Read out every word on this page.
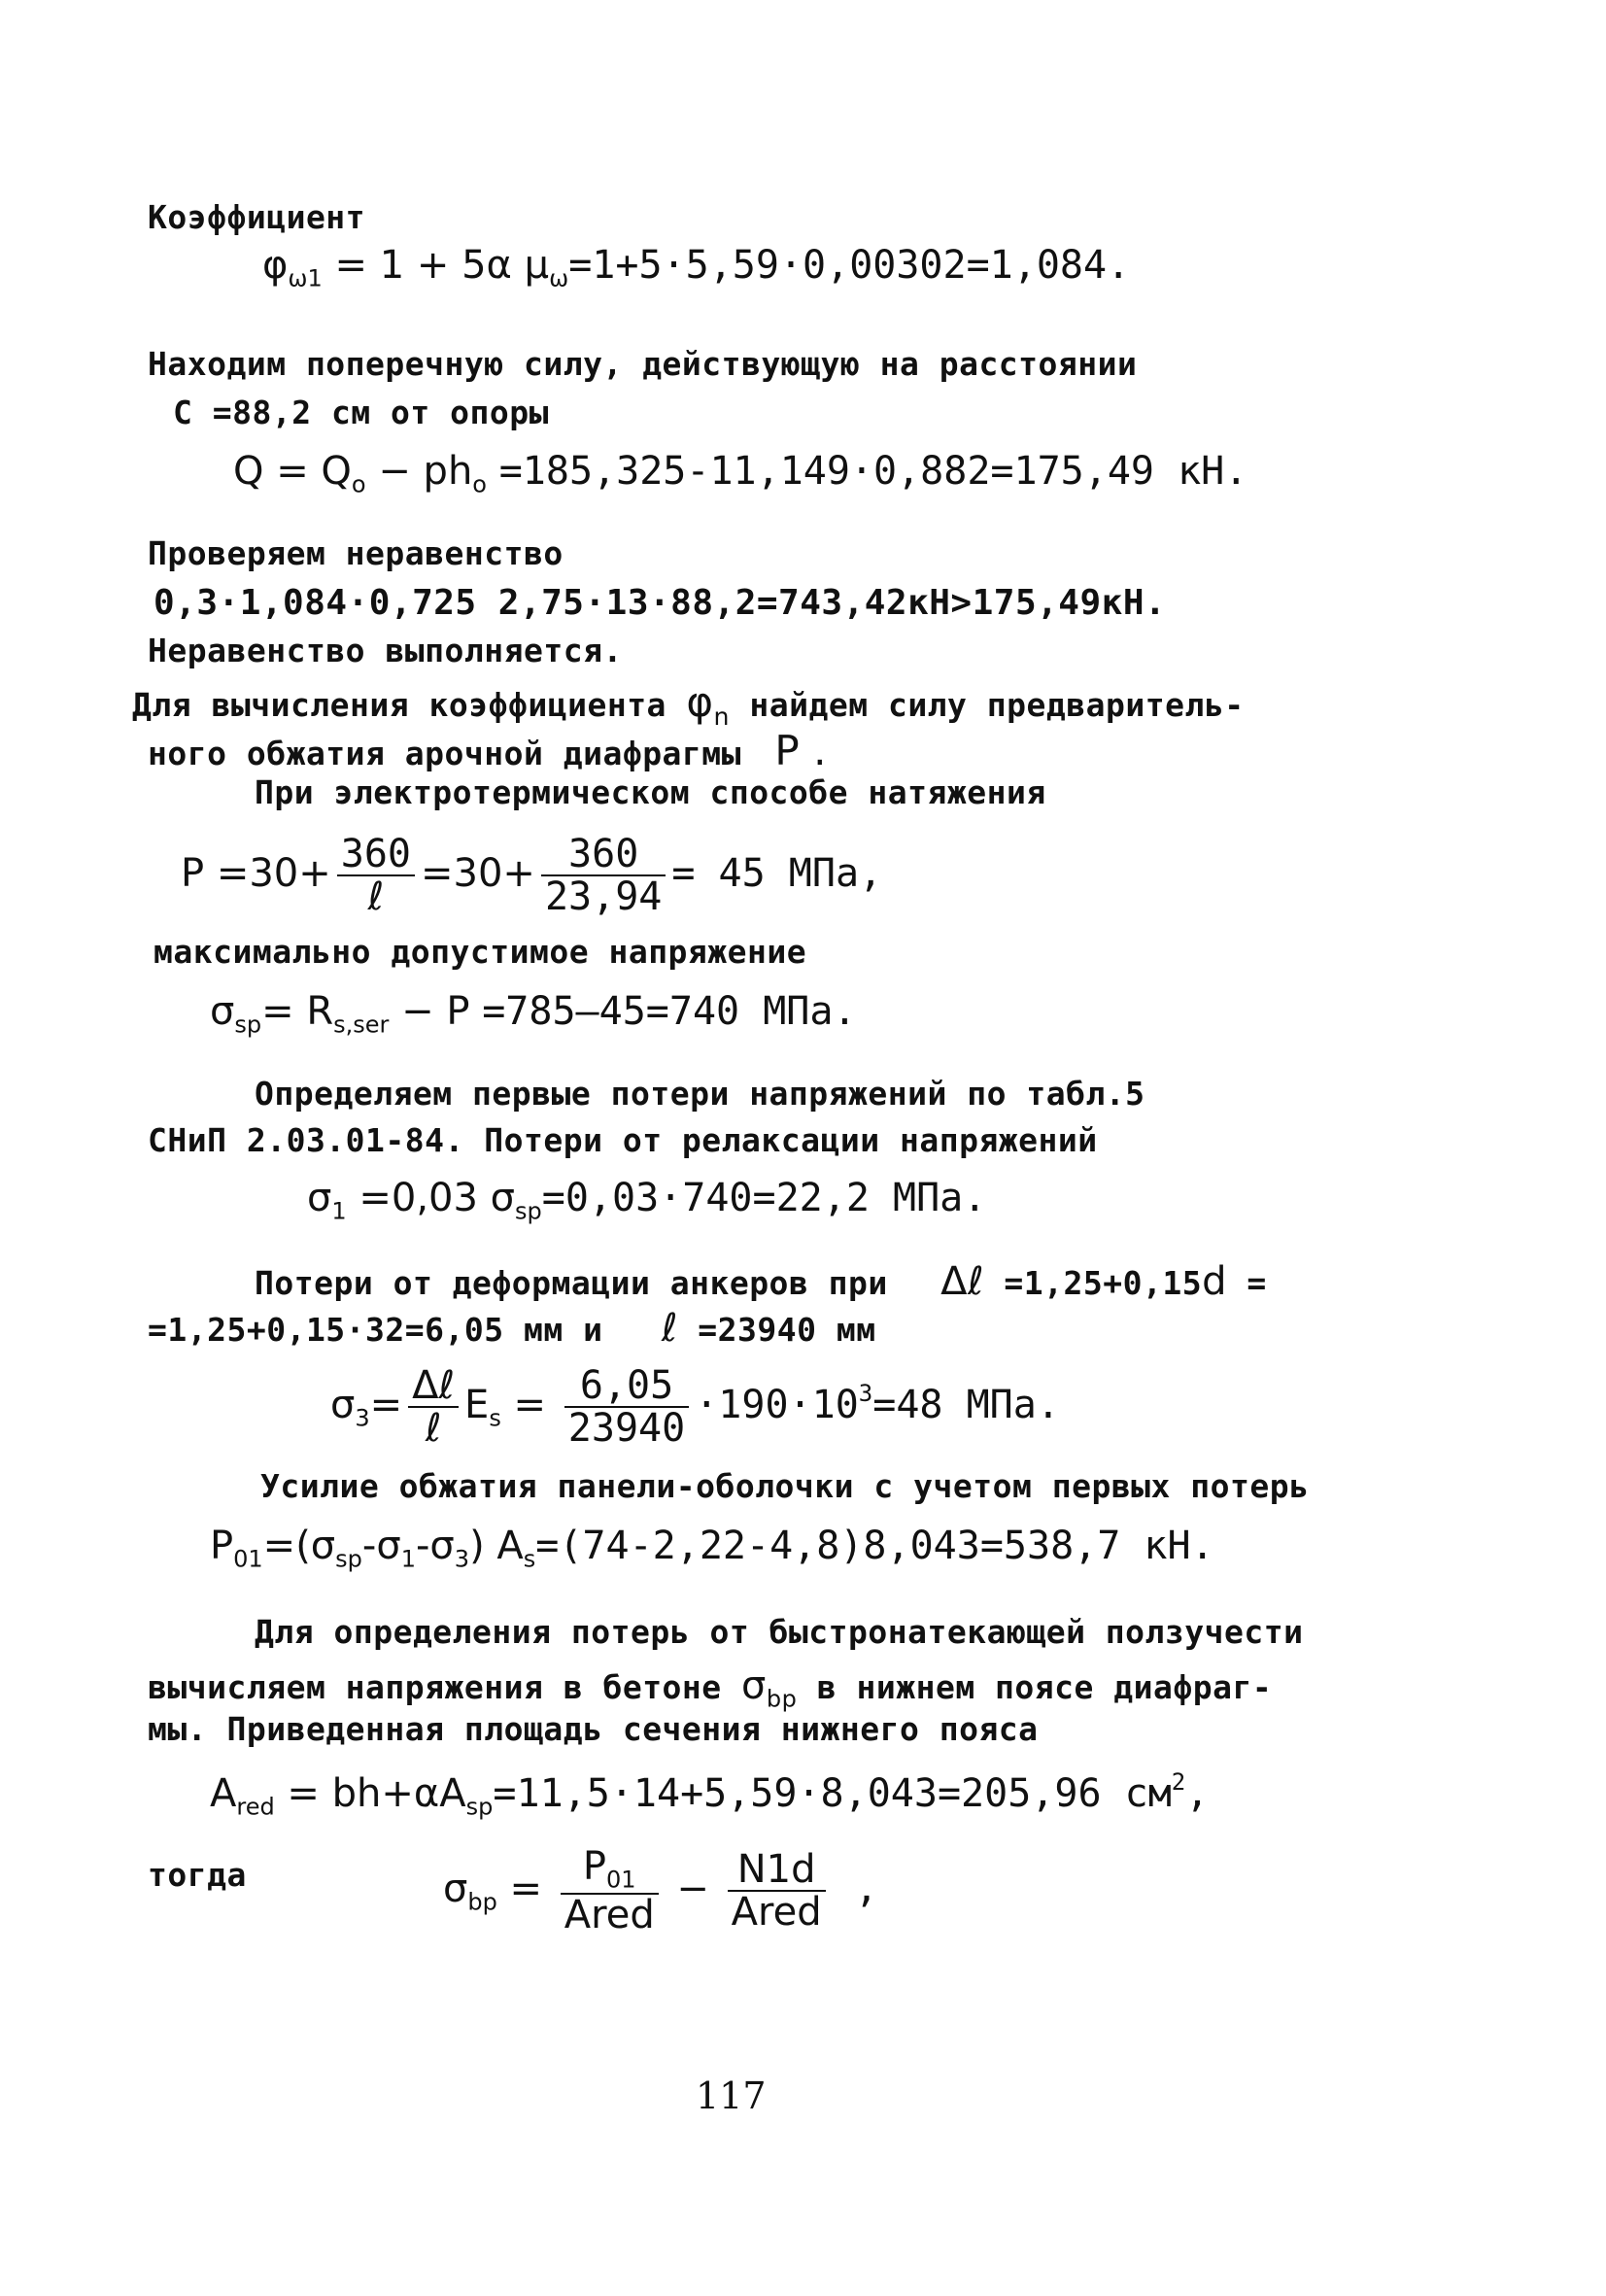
Коэффициент
$\varphi_{\omega 1} = 1 + 5\alpha$ $\mu_\omega=1+5\cdot 5,59\cdot 0,00302=1,084$.
Находим поперечную силу, действующую на расстоянии
С =88,2 см от опоры
$Q = Q_o - ph_o =185,325-11,149\cdot 0,882=175,49$ кН.
Проверяем неравенство
0,3·1,084·0,725 2,75·13·88,2=743,42кН>175,49кН.
Неравенство выполняется.
Для вычисления коэффициента $\varphi_n$ найдем силу предваритель-
ного обжатия арочной диафрагмы P .
При электротермическом способе натяжения
$P =30+ \frac{360}{\text{ℓ}} =30+ \frac{360}{23,94} = 45$ МПа,
максимально допустимое напряжение
$\sigma_{sp}= R_{s,ser} - P =785-45=740$ МПа.
Определяем первые потери напряжений по табл.5
СНиП 2.03.01-84. Потери от релаксации напряжений
$\sigma_1 =0,03$ $\sigma_{sp}=0,03\cdot 740=22,2$ МПа.
Потери от деформации анкеров при Δℓ =1,25+0,15d =
=1,25+0,15·32=6,05 мм и ℓ =23940 мм
$\sigma_3= \frac{\text{Δℓ}}{\text{ℓ}} E_s = \frac{6,05}{23940} \cdot 190\cdot 10^3=48$ МПа.
Усилие обжатия панели-оболочки с учетом первых потерь
$P_{01}=(\sigma_{sp}-\sigma_1-\sigma_3)$ $A_s=(74-2,22-4,8)8,043=538,7$ кН.
Для определения потерь от быстронатекающей ползучести
вычисляем напряжения в бетоне $\sigma_{bp}$ в нижнем поясе диафраг-
мы. Приведенная площадь сечения нижнего пояса
$A_{red} = bh+\alpha A_{sp}=11,5\cdot 14+5,59\cdot 8,043=205,96$ $см^2$,
тогда	$\sigma_{bp} = \frac{P_{01}}{\text{Ared}} - \frac{N1d}{\text{Ared}}$ ,
117
